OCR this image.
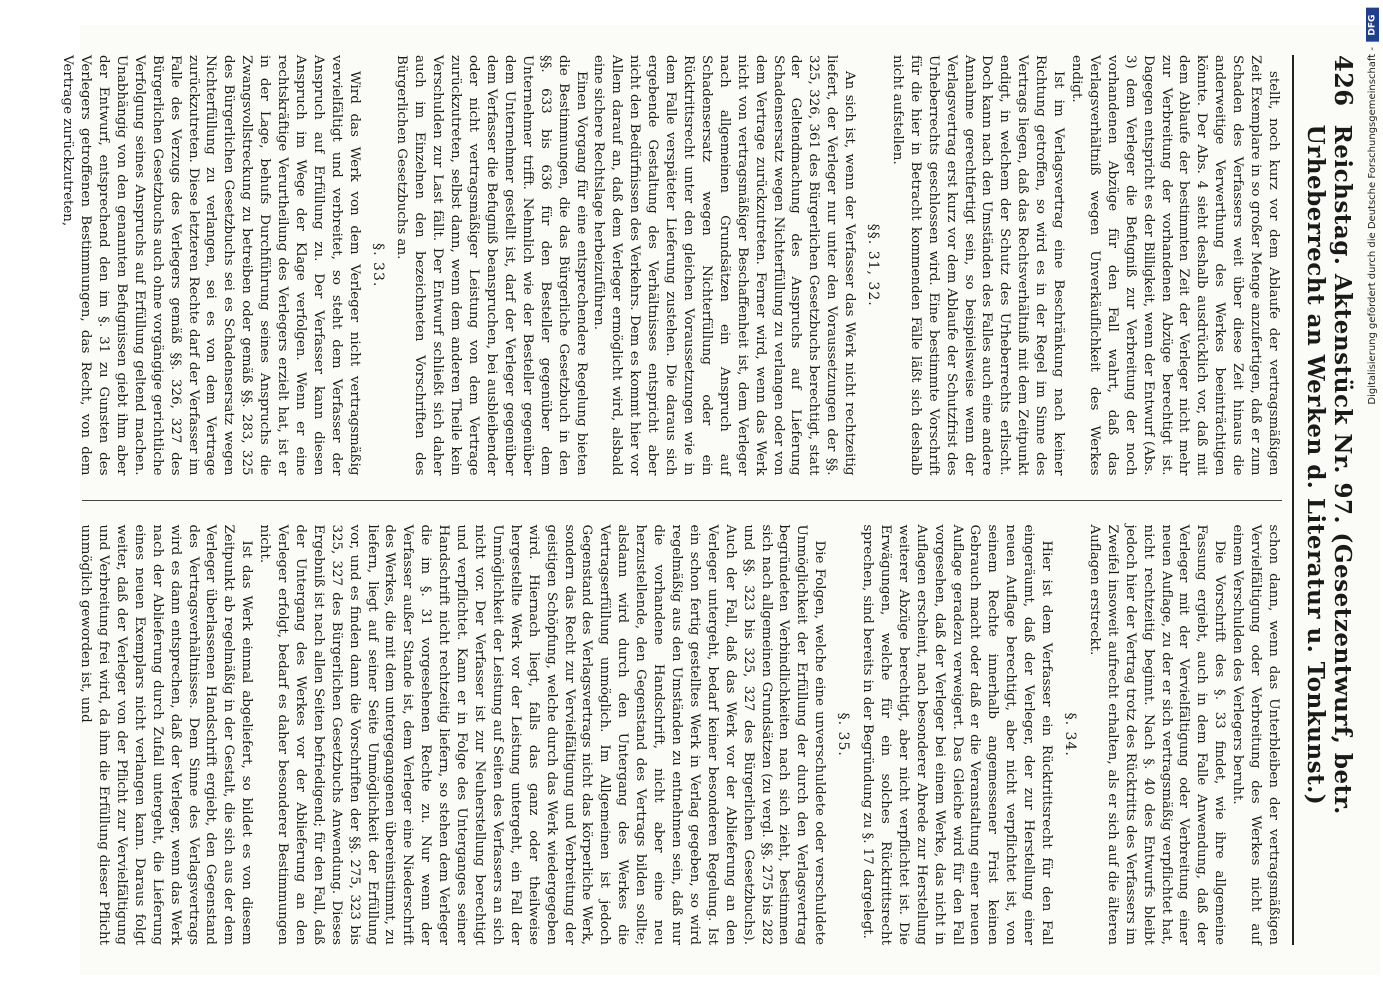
426
Reichstag. Aktenstück Nr. 97. (Gesetzentwurf, betr. Urheberrecht an Werken d. Literatur u. Tonkunst.)

stellt, noch kurz vor dem Ablaufe der vertragsmäßigen Zeit Exemplare in so großer Menge anzufertigen, daß er zum Schaden des Verfassers weit über diese Zeit hinaus die anderweitige Verwerthung des Werkes beeinträchtigen könnte. Der Abs. 4 sieht deshalb ausdrücklich vor, daß mit dem Ablaufe der bestimmten Zeit der Verleger nicht mehr zur Verbreitung der vorhandenen Abzüge berechtigt ist. Dagegen entspricht es der Billigkeit, wenn der Entwurf (Abs. 3) dem Verleger die Befugniß zur Verbreitung der noch vorhandenen Abzüge für den Fall wahrt, daß das Verlagsverhältniß wegen Unverkäuflichkeit des Werkes endigt.

Ist im Verlagsvertrag eine Beschränkung nach keiner Richtung getroffen, so wird es in der Regel im Sinne des Vertrags liegen, daß das Rechtsverhältniß mit dem Zeitpunkt endigt, in welchem der Schutz des Urheberrechts erlischt. Doch kann nach den Umständen des Falles auch eine andere Annahme gerechtfertigt sein, so beispielsweise wenn der Verlagsvertrag erst kurz vor dem Ablaufe der Schutzfrist des Urheberrechts geschlossen wird. Eine bestimmte Vorschrift für die hier in Betracht kommenden Fälle läßt sich deshalb nicht aufstellen.

§§. 31, 32.

An sich ist, wenn der Verfasser das Werk nicht rechtzeitig liefert, der Verleger nur unter den Voraussetzungen der §§. 325, 326, 361 des Bürgerlichen Gesetzbuchs berechtigt, statt der Geltendmachung des Anspruchs auf Lieferung Schadensersatz wegen Nichterfüllung zu verlangen oder von dem Vertrage zurückzutreten. Ferner wird, wenn das Werk nicht von vertragsmäßiger Beschaffenheit ist, dem Verleger nach allgemeinen Grundsätzen ein Anspruch auf Schadensersatz wegen Nichterfüllung oder ein Rücktrittsrecht unter den gleichen Voraussetzungen wie in dem Falle verspäteter Lieferung zustehen. Die daraus sich ergebende Gestaltung des Verhältnisses entspricht aber nicht den Bedürfnissen des Verkehrs. Dem es kommt hier vor Allem darauf an, daß dem Verleger ermöglicht wird, alsbald eine sichere Rechtslage herbeizuführen.

Einen Vorgang für eine entsprechendere Regelung bieten die Bestimmungen, die das Bürgerliche Gesetzbuch in den §§. 633 bis 636 für den Besteller gegenüber dem Unternehmer trifft. Nehmlich wie der Besteller gegenüber dem Unternehmer gestellt ist, darf der Verleger gegenüber dem Verfasser die Befugniß beanspruchen, bei ausbleibender oder nicht vertragsmäßiger Leistung von dem Vertrage zurückzutreten, selbst dann, wenn dem anderen Theile kein Verschulden zur Last fällt. Der Entwurf schließt sich daher auch im Einzelnen den bezeichneten Vorschriften des Bürgerlichen Gesetzbuchs an.

§. 33.

Wird das Werk von dem Verleger nicht vertragsmäßig vervielfältigt und verbreitet, so steht dem Verfasser der Anspruch auf Erfüllung zu. Der Verfasser kann diesen Anspruch im Wege der Klage verfolgen. Wenn er eine rechtskräftige Verurtheilung des Verlegers erzielt hat, ist er in der Lage, behufs Durchführung seines Anspruchs die Zwangsvollstreckung zu betreiben oder gemäß §§. 283, 325 des Bürgerlichen Gesetzbuchs sei es Schadensersatz wegen Nichterfüllung zu verlangen, sei es von dem Vertrage zurückzutreten. Diese letzteren Rechte darf der Verfasser im Falle des Verzugs des Verlegers gemäß §§. 326, 327 des Bürgerlichen Gesetzbuchs auch ohne vorgängige gerichtliche Verfolgung seines Anspruchs auf Erfüllung geltend machen. Unabhängig von den genannten Befugnissen giebt ihm aber der Entwurf, entsprechend den im §. 31 zu Gunsten des Verlegers getroffenen Bestimmungen, das Recht, von dem Vertrage zurückzutreten,

schon dann, wenn das Unterbleiben der vertragsmäßigen Vervielfältigung oder Verbreitung des Werkes nicht auf einem Verschulden des Verlegers beruht.

Die Vorschrift des §. 33 findet, wie ihre allgemeine Fassung ergiebt, auch in dem Falle Anwendung, daß der Verleger mit der Vervielfältigung oder Verbreitung einer neuen Auflage, zu der er sich vertragsmäßig verpflichtet hat, nicht rechtzeitig beginnt. Nach §. 40 des Entwurfs bleibt jedoch hier der Vertrag trotz des Rücktritts des Verfassers im Zweifel insoweit aufrecht erhalten, als er sich auf die älteren Auflagen erstreckt.

§. 34.

Hier ist dem Verfasser ein Rücktrittsrecht für den Fall eingeräumt, daß der Verleger, der zur Herstellung einer neuen Auflage berechtigt, aber nicht verpflichtet ist, von seinem Rechte innerhalb angemessener Frist keinen Gebrauch macht oder daß er die Veranstaltung einer neuen Auflage geradezu verweigert. Das Gleiche wird für den Fall vorgesehen, daß der Verleger bei einem Werke, das nicht in Auflagen erscheint, nach besonderer Abrede zur Herstellung weiterer Abzüge berechtigt, aber nicht verpflichtet ist. Die Erwägungen, welche für ein solches Rücktrittsrecht sprechen, sind bereits in der Begründung zu §. 17 dargelegt.

§. 35.

Die Folgen, welche eine unverschuldete oder verschuldete Unmöglichkeit der Erfüllung der durch den Verlagsvertrag begründeten Verbindlichkeiten nach sich zieht, bestimmen sich nach allgemeinen Grundsätzen (zu vergl. §§. 275 bis 282 und §§. 323 bis 325, 327 des Bürgerlichen Gesetzbuchs). Auch der Fall, daß das Werk vor der Ablieferung an den Verleger untergeht, bedarf keiner besonderen Regelung. Ist ein schon fertig gestelltes Werk in Verlag gegeben, so wird regelmäßig aus den Umständen zu entnehmen sein, daß nur die vorhandene Handschrift, nicht aber eine neu herzustellende, den Gegenstand des Vertrags bilden sollte; alsdann wird durch den Untergang des Werkes die Vertragserfüllung unmöglich. Im Allgemeinen ist jedoch Gegenstand des Verlagsvertrags nicht das körperliche Werk, sondern das Recht zur Vervielfältigung und Verbreitung der geistigen Schöpfung, welche durch das Werk wiedergegeben wird. Hiernach liegt, falls das ganz oder theilweise hergestellte Werk vor der Leistung untergeht, ein Fall der Unmöglichkeit der Leistung auf Seiten des Verfassers an sich nicht vor. Der Verfasser ist zur Neuherstellung berechtigt und verpflichtet. Kann er in Folge des Unterganges seiner Handschrift nicht rechtzeitig liefern, so stehen dem Verleger die im §. 31 vorgesehenen Rechte zu. Nur wenn der Verfasser außer Stande ist, dem Verleger eine Niederschrift des Werkes, die mit dem untergegangenen übereinstimmt, zu liefern, liegt auf seiner Seite Unmöglichkeit der Erfüllung vor, und es finden dann die Vorschriften der §§. 275, 323 bis 325, 327 des Bürgerlichen Gesetzbuchs Anwendung. Dieses Ergebniß ist nach allen Seiten befriedigend; für den Fall, daß der Untergang des Werkes vor der Ablieferung an den Verleger erfolgt, bedarf es daher besonderer Bestimmungen nicht.

Ist das Werk einmal abgeliefert, so bildet es von diesem Zeitpunkt ab regelmäßig in der Gestalt, die sich aus der dem Verleger überlassenen Handschrift ergiebt, den Gegenstand des Vertragsverhältnisses. Dem Sinne des Verlagsvertrags wird es dann entsprechen, daß der Verleger, wenn das Werk nach der Ablieferung durch Zufall untergeht, die Lieferung eines neuen Exemplars nicht verlangen kann. Daraus folgt weiter, daß der Verleger von der Pflicht zur Vervielfältigung und Verbreitung frei wird, da ihm die Erfüllung dieser Pflicht unmöglich geworden ist, und

Digitalisierung gefördert durch die Deutsche Forschungsgemeinschaft -
DFG
